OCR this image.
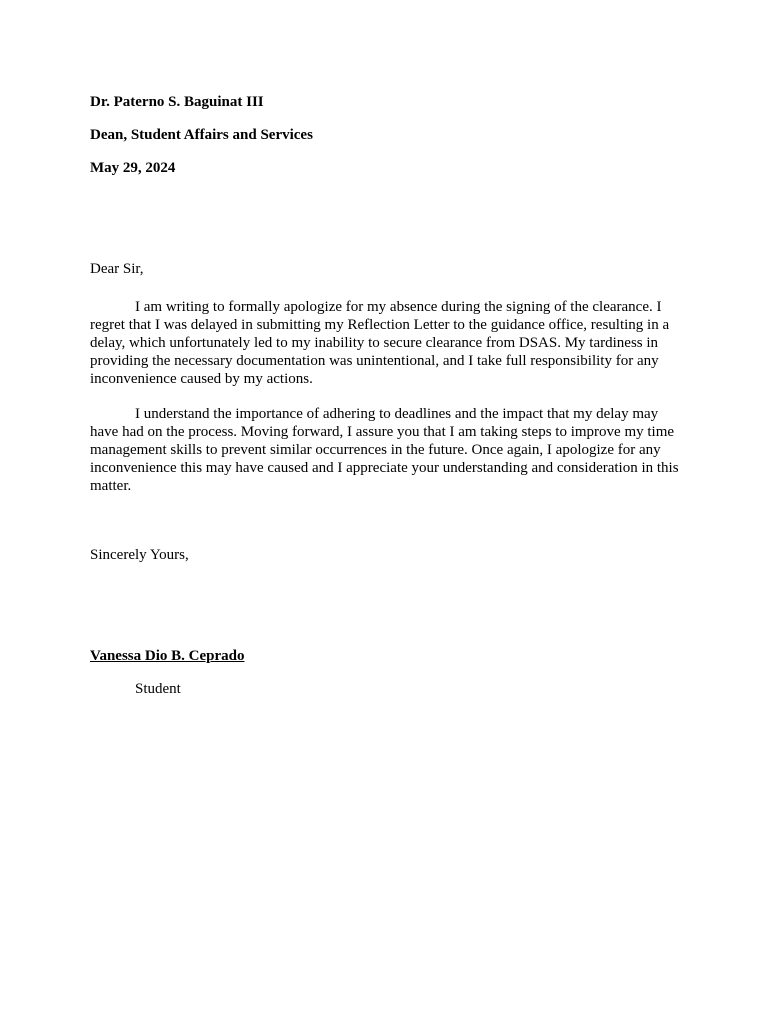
Dr. Paterno S. Baguinat III
Dean, Student Affairs and Services
May 29, 2024
Dear Sir,

I am writing to formally apologize for my absence during the signing of the clearance. I regret that I was delayed in submitting my Reflection Letter to the guidance office, resulting in a delay, which unfortunately led to my inability to secure clearance from DSAS. My tardiness in providing the necessary documentation was unintentional, and I take full responsibility for any inconvenience caused by my actions.

I understand the importance of adhering to deadlines and the impact that my delay may have had on the process. Moving forward, I assure you that I am taking steps to improve my time management skills to prevent similar occurrences in the future. Once again, I apologize for any inconvenience this may have caused and I appreciate your understanding and consideration in this matter.

Sincerely Yours,
Vanessa Dio B. Ceprado
Student
